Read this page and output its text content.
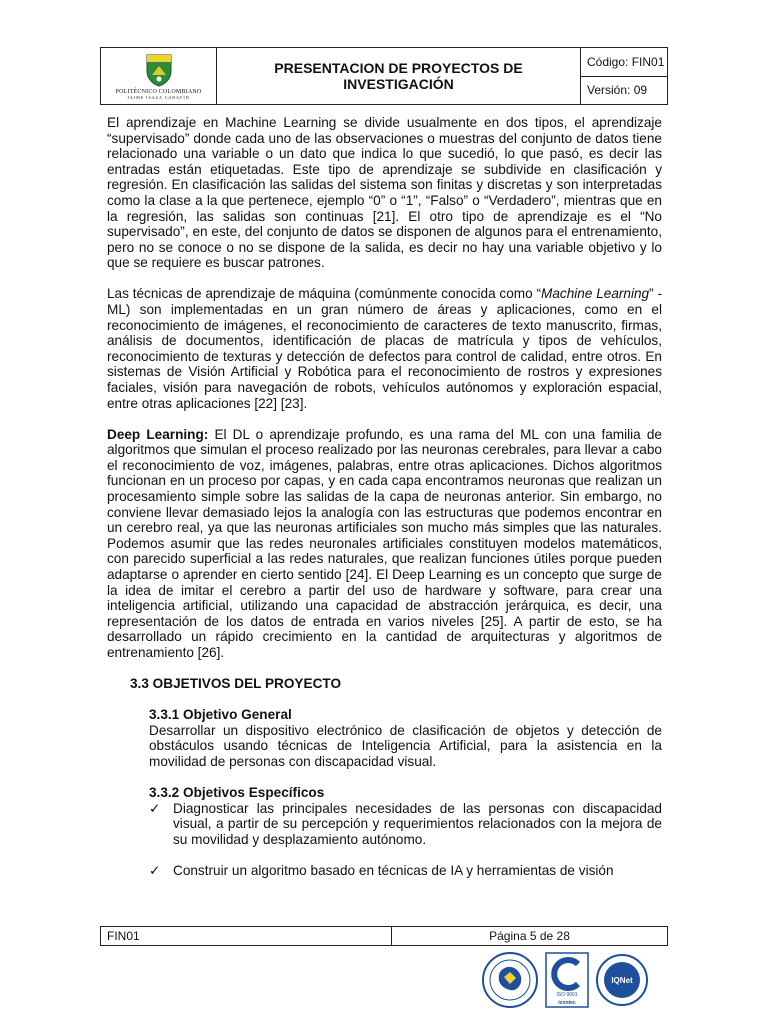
POLITÉCNICO COLOMBIANO
JAIME ISAZA CADAVID
PRESENTACION DE PROYECTOS DE INVESTIGACIÓN
Código: FIN01
Versión: 09

El aprendizaje en Machine Learning se divide usualmente en dos tipos, el aprendizaje “supervisado” donde cada uno de las observaciones o muestras del conjunto de datos tiene relacionado una variable o un dato que indica lo que sucedió, lo que pasó, es decir las entradas están etiquetadas. Este tipo de aprendizaje se subdivide en clasificación y regresión. En clasificación las salidas del sistema son finitas y discretas y son interpretadas como la clase a la que pertenece, ejemplo “0” o “1”, “Falso” o “Verdadero”, mientras que en la regresión, las salidas son continuas [21]. El otro tipo de aprendizaje es el “No supervisado”, en este, del conjunto de datos se disponen de algunos para el entrenamiento, pero no se conoce o no se dispone de la salida, es decir no hay una variable objetivo y lo que se requiere es buscar patrones.

Las técnicas de aprendizaje de máquina (comúnmente conocida como “Machine Learning” - ML) son implementadas en un gran número de áreas y aplicaciones, como en el reconocimiento de imágenes, el reconocimiento de caracteres de texto manuscrito, firmas, análisis de documentos, identificación de placas de matrícula y tipos de vehículos, reconocimiento de texturas y detección de defectos para control de calidad, entre otros. En sistemas de Visión Artificial y Robótica para el reconocimiento de rostros y expresiones faciales, visión para navegación de robots, vehículos autónomos y exploración espacial, entre otras aplicaciones [22] [23].

Deep Learning: El DL o aprendizaje profundo, es una rama del ML con una familia de algoritmos que simulan el proceso realizado por las neuronas cerebrales, para llevar a cabo el reconocimiento de voz, imágenes, palabras, entre otras aplicaciones. Dichos algoritmos funcionan en un proceso por capas, y en cada capa encontramos neuronas que realizan un procesamiento simple sobre las salidas de la capa de neuronas anterior. Sin embargo, no conviene llevar demasiado lejos la analogía con las estructuras que podemos encontrar en un cerebro real, ya que las neuronas artificiales son mucho más simples que las naturales. Podemos asumir que las redes neuronales artificiales constituyen modelos matemáticos, con parecido superficial a las redes naturales, que realizan funciones útiles porque pueden adaptarse o aprender en cierto sentido [24]. El Deep Learning es un concepto que surge de la idea de imitar el cerebro a partir del uso de hardware y software, para crear una inteligencia artificial, utilizando una capacidad de abstracción jerárquica, es decir, una representación de los datos de entrada en varios niveles [25]. A partir de esto, se ha desarrollado un rápido crecimiento en la cantidad de arquitecturas y algoritmos de entrenamiento [26].

3.3 OBJETIVOS DEL PROYECTO
3.3.1 Objetivo General

Desarrollar un dispositivo electrónico de clasificación de objetos y detección de obstáculos usando técnicas de Inteligencia Artificial, para la asistencia en la movilidad de personas con discapacidad visual.

3.3.2 Objetivos Específicos
✓ Diagnosticar las principales necesidades de las personas con discapacidad visual, a partir de su percepción y requerimientos relacionados con la mejora de su movilidad y desplazamiento autónomo.
✓ Construir un algoritmo basado en técnicas de IA y herramientas de visión
FIN01	Página 5 de 28
ISO 9001
icontec
IQNet
